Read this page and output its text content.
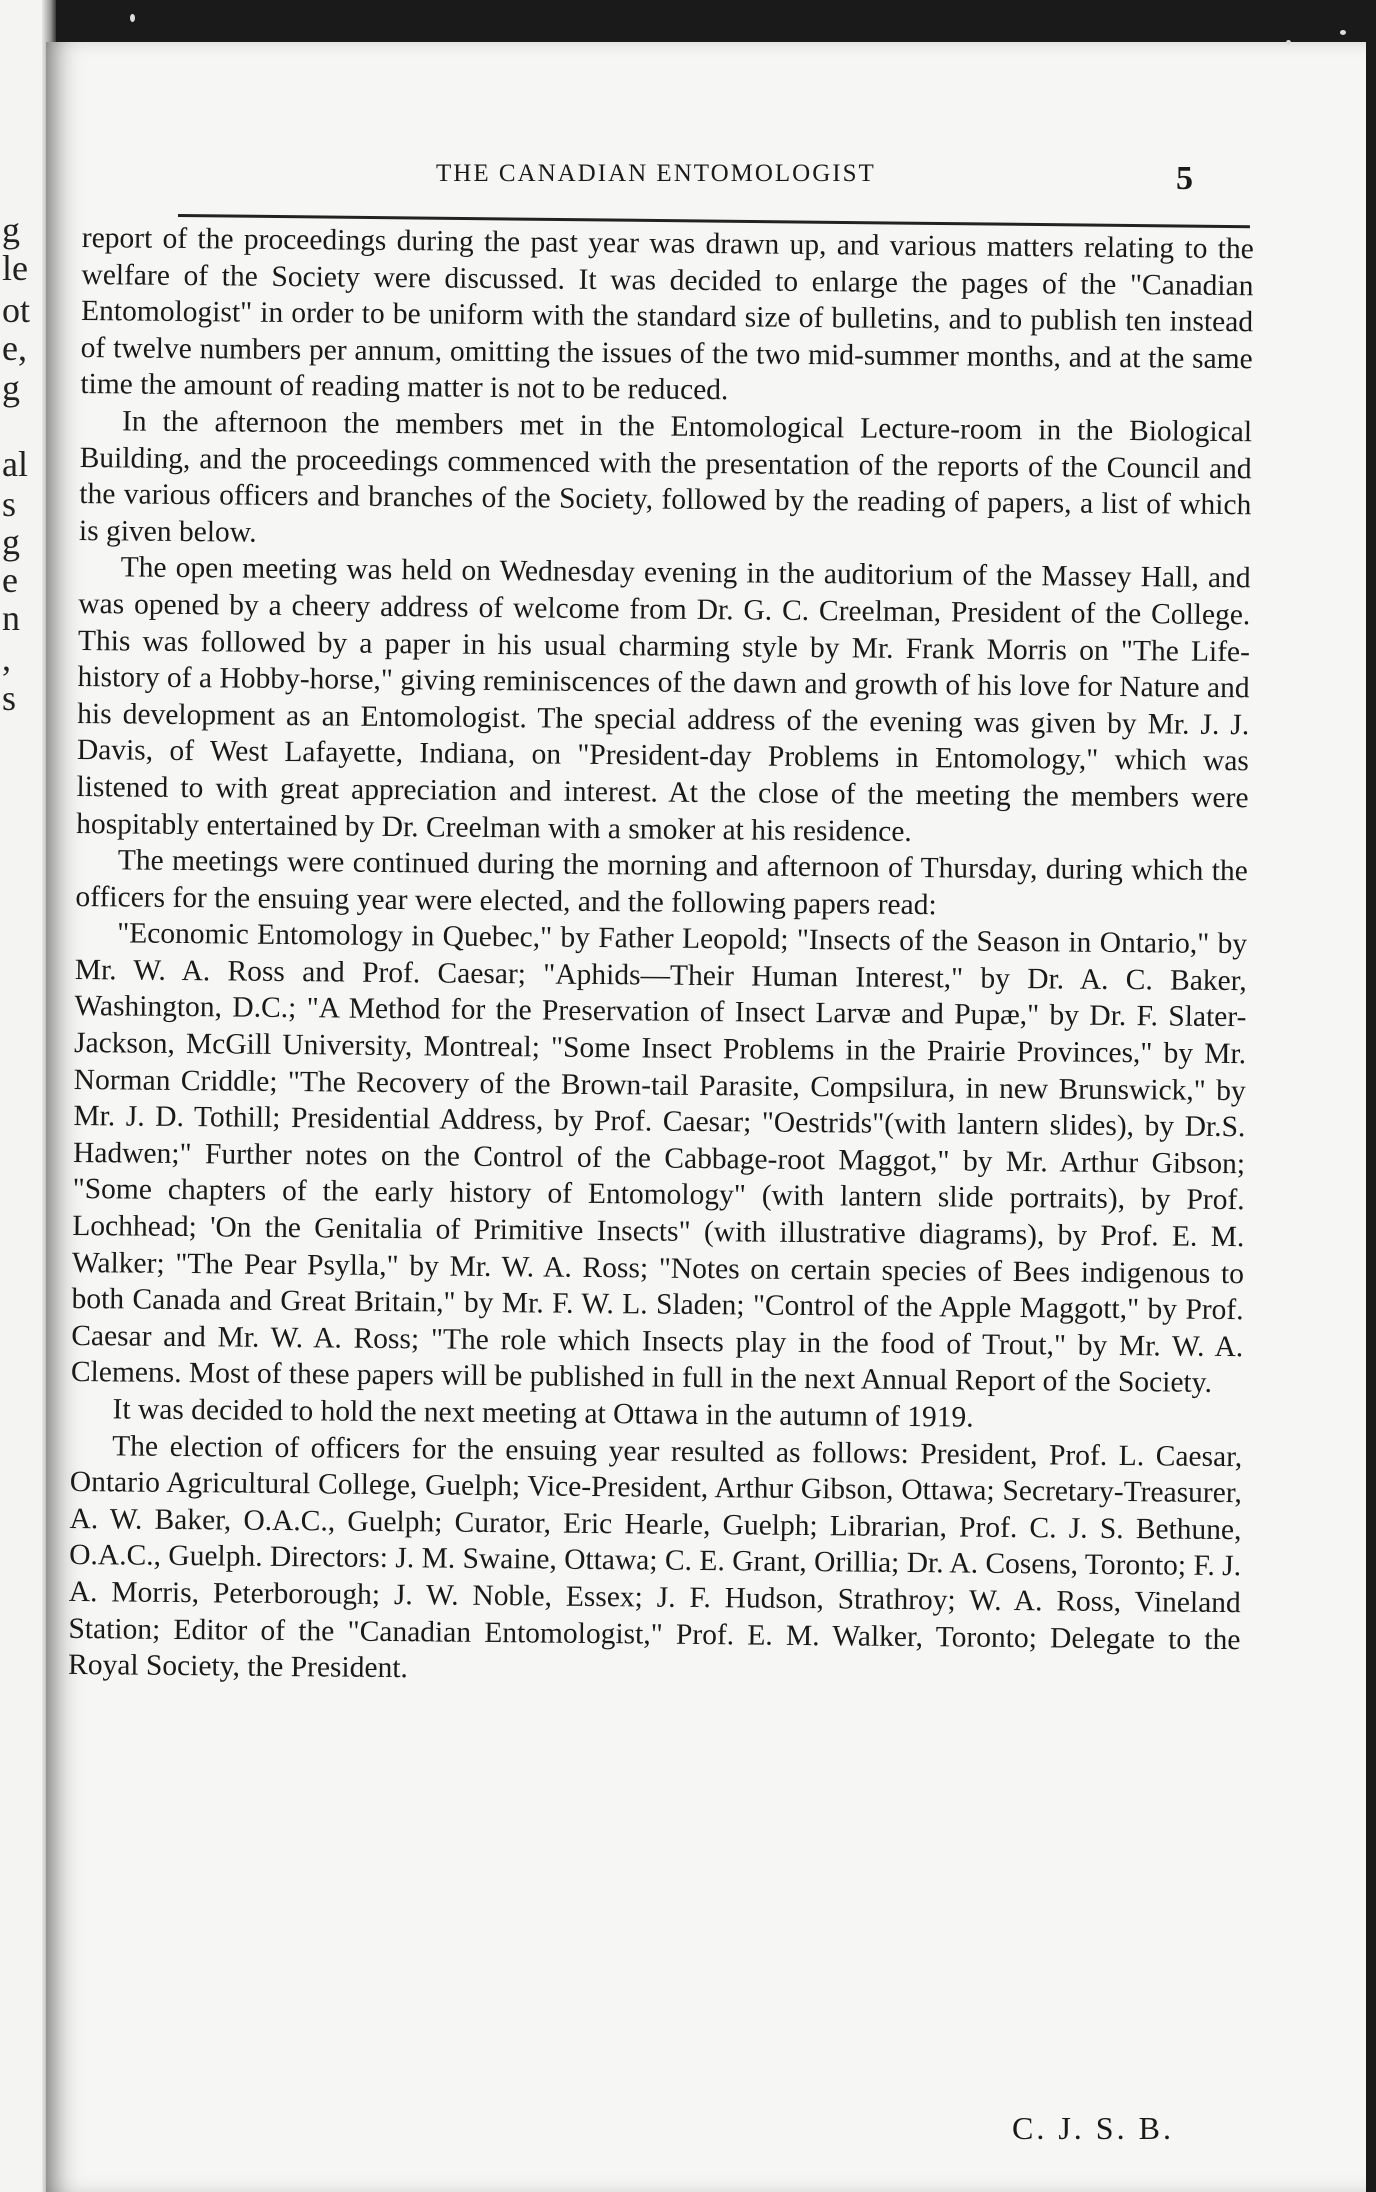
g
le
ot
e,
g
al
s
g
e
n
,
s
THE CANADIAN ENTOMOLOGIST	5

report of the proceedings during the past year was drawn up, and various matters relating to the welfare of the Society were discussed. It was decided to enlarge the pages of the "Canadian Entomologist" in order to be uniform with the standard size of bulletins, and to publish ten instead of twelve numbers per annum, omitting the issues of the two mid-summer months, and at the same time the amount of reading matter is not to be reduced.

In the afternoon the members met in the Entomological Lecture-room in the Biological Building, and the proceedings commenced with the presentation of the reports of the Council and the various officers and branches of the Society, followed by the reading of papers, a list of which is given below.

The open meeting was held on Wednesday evening in the auditorium of the Massey Hall, and was opened by a cheery address of welcome from Dr. G. C. Creelman, President of the College. This was followed by a paper in his usual charming style by Mr. Frank Morris on "The Life-history of a Hobby-horse," giving reminiscences of the dawn and growth of his love for Nature and his development as an Entomologist. The special address of the evening was given by Mr. J. J. Davis, of West Lafayette, Indiana, on "President-day Problems in Entomology," which was listened to with great appreciation and interest. At the close of the meeting the members were hospitably entertained by Dr. Creelman with a smoker at his residence.

The meetings were continued during the morning and afternoon of Thursday, during which the officers for the ensuing year were elected, and the following papers read:

"Economic Entomology in Quebec," by Father Leopold; "Insects of the Season in Ontario," by Mr. W. A. Ross and Prof. Caesar; "Aphids—Their Human Interest," by Dr. A. C. Baker, Washington, D.C.; "A Method for the Preservation of Insect Larvæ and Pupæ," by Dr. F. Slater-Jackson, McGill University, Montreal; "Some Insect Problems in the Prairie Provinces," by Mr. Norman Criddle; "The Recovery of the Brown-tail Parasite, Compsilura, in new Brunswick," by Mr. J. D. Tothill; Presidential Address, by Prof. Caesar; "Oestrids"(with lantern slides), by Dr.S. Hadwen;" Further notes on the Control of the Cabbage-root Maggot," by Mr. Arthur Gibson; "Some chapters of the early history of Entomology" (with lantern slide portraits), by Prof. Lochhead; 'On the Genitalia of Primitive Insects" (with illustrative diagrams), by Prof. E. M. Walker; "The Pear Psylla," by Mr. W. A. Ross; "Notes on certain species of Bees indigenous to both Canada and Great Britain," by Mr. F. W. L. Sladen; "Control of the Apple Maggott," by Prof. Caesar and Mr. W. A. Ross; "The role which Insects play in the food of Trout," by Mr. W. A. Clemens. Most of these papers will be published in full in the next Annual Report of the Society.

It was decided to hold the next meeting at Ottawa in the autumn of 1919.

The election of officers for the ensuing year resulted as follows: President, Prof. L. Caesar, Ontario Agricultural College, Guelph; Vice-President, Arthur Gibson, Ottawa; Secretary-Treasurer, A. W. Baker, O.A.C., Guelph; Curator, Eric Hearle, Guelph; Librarian, Prof. C. J. S. Bethune, O.A.C., Guelph. Directors: J. M. Swaine, Ottawa; C. E. Grant, Orillia; Dr. A. Cosens, Toronto; F. J. A. Morris, Peterborough; J. W. Noble, Essex; J. F. Hudson, Strathroy; W. A. Ross, Vineland Station; Editor of the "Canadian Entomologist," Prof. E. M. Walker, Toronto; Delegate to the Royal Society, the President.

C. J. S. B.
